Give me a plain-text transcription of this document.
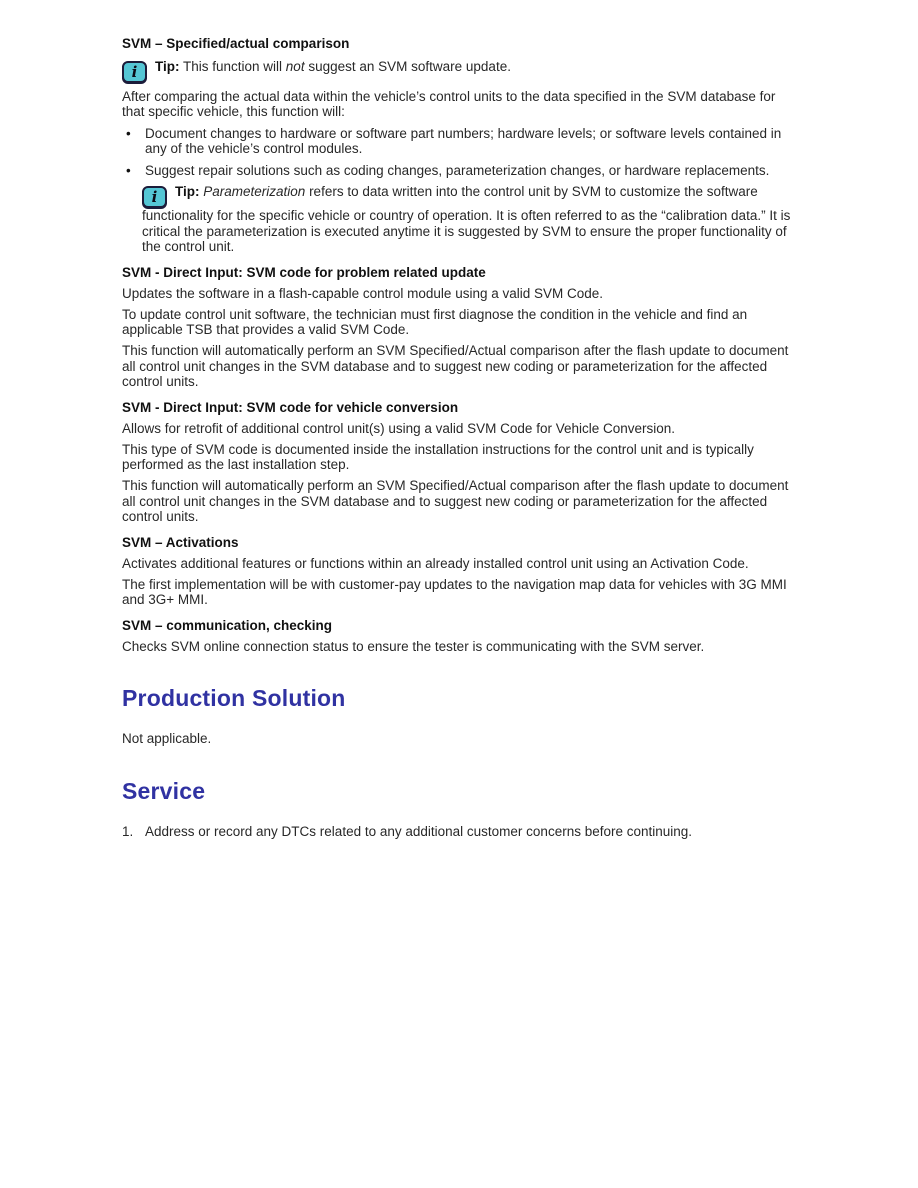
SVM – Specified/actual comparison

i Tip: This function will not suggest an SVM software update.

After comparing the actual data within the vehicle’s control units to the data specified in the SVM database for that specific vehicle, this function will:

•	Document changes to hardware or software part numbers; hardware levels; or software levels contained in any of the vehicle’s control modules.
•	Suggest repair solutions such as coding changes, parameterization changes, or hardware replacements.

i Tip: Parameterization refers to data written into the control unit by SVM to customize the software functionality for the specific vehicle or country of operation. It is often referred to as the “calibration data.” It is critical the parameterization is executed anytime it is suggested by SVM to ensure the proper functionality of the control unit.

SVM - Direct Input: SVM code for problem related update

Updates the software in a flash-capable control module using a valid SVM Code.

To update control unit software, the technician must first diagnose the condition in the vehicle and find an applicable TSB that provides a valid SVM Code.

This function will automatically perform an SVM Specified/Actual comparison after the flash update to document all control unit changes in the SVM database and to suggest new coding or parameterization for the affected control units.

SVM - Direct Input: SVM code for vehicle conversion

Allows for retrofit of additional control unit(s) using a valid SVM Code for Vehicle Conversion.

This type of SVM code is documented inside the installation instructions for the control unit and is typically performed as the last installation step.

This function will automatically perform an SVM Specified/Actual comparison after the flash update to document all control unit changes in the SVM database and to suggest new coding or parameterization for the affected control units.

SVM – Activations

Activates additional features or functions within an already installed control unit using an Activation Code.

The first implementation will be with customer-pay updates to the navigation map data for vehicles with 3G MMI and 3G+ MMI.

SVM – communication, checking

Checks SVM online connection status to ensure the tester is communicating with the SVM server.

Production Solution

Not applicable.

Service
1. Address or record any DTCs related to any additional customer concerns before continuing.
